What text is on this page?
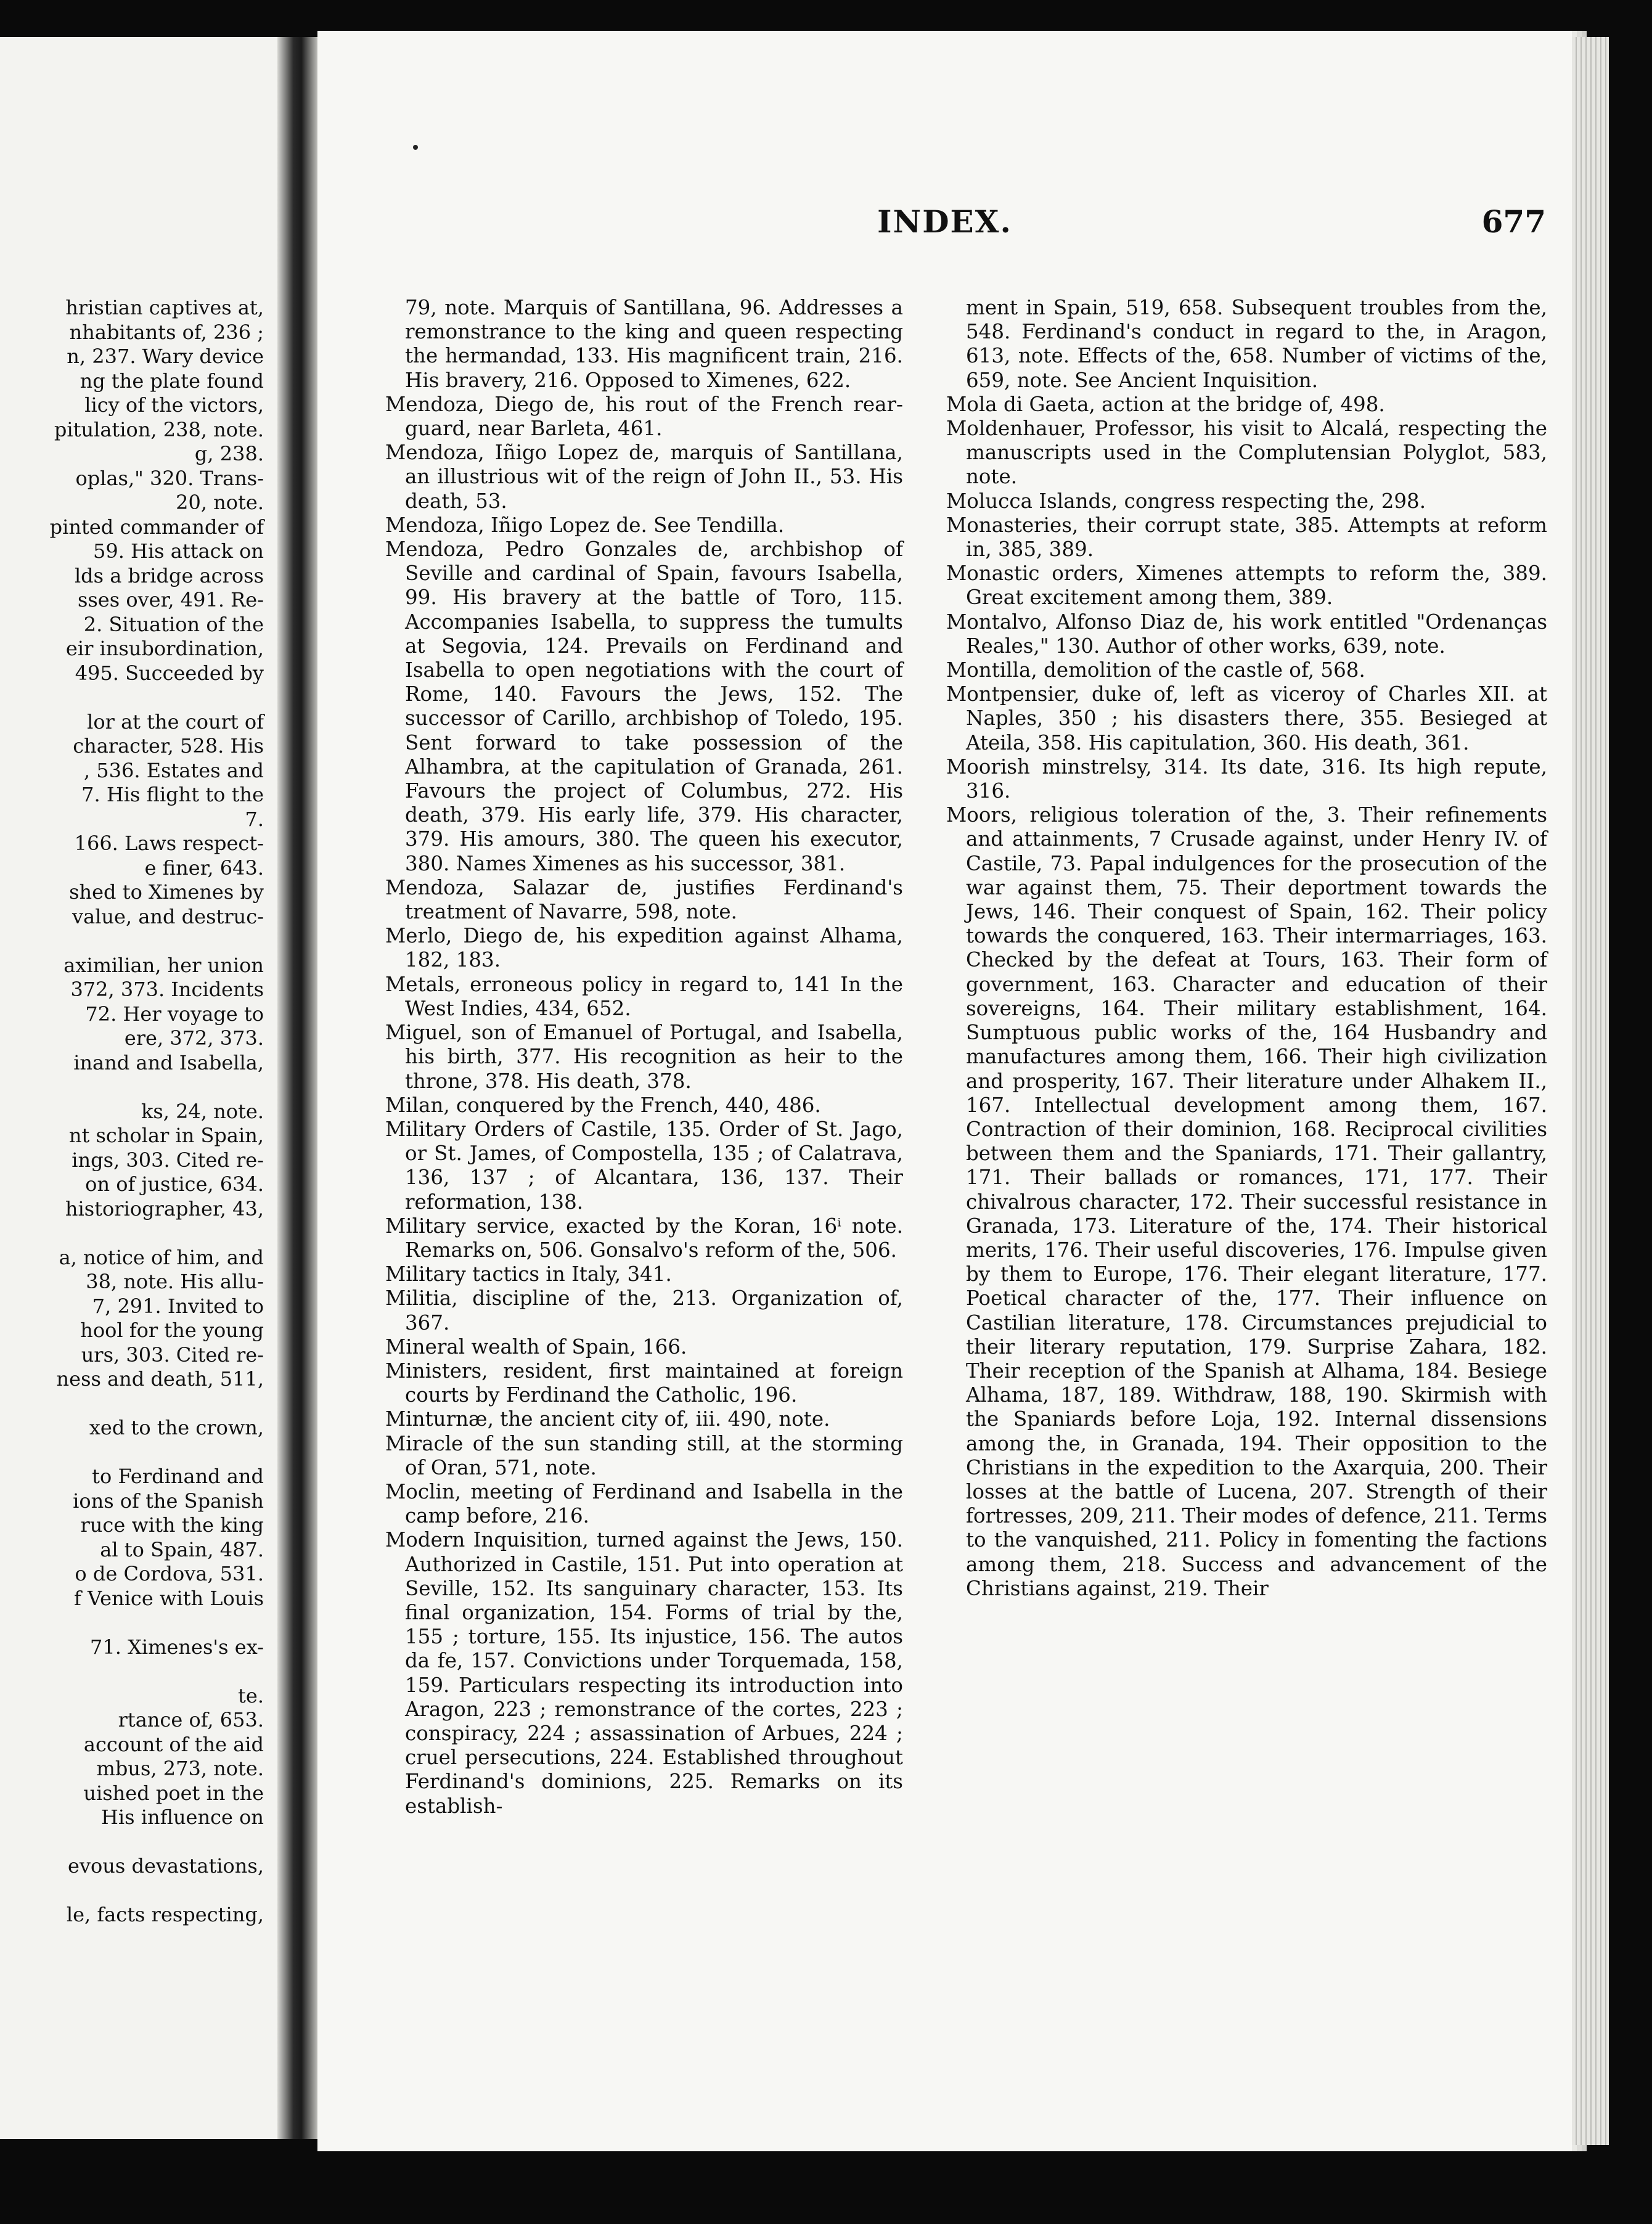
hristian captives at,
nhabitants of, 236 ;
n, 237. Wary device
ng the plate found
licy of the victors,
pitulation, 238, note.
g, 238.
oplas," 320. Trans-
20, note.
pinted commander of
59. His attack on
lds a bridge across
sses over, 491. Re-
2. Situation of the
eir insubordination,
495. Succeeded by
lor at the court of
character, 528. His
, 536. Estates and
7. His flight to the
7.
166. Laws respect-
e finer, 643.
shed to Ximenes by
value, and destruc-
aximilian, her union
372, 373. Incidents
72. Her voyage to
ere, 372, 373.
inand and Isabella,
ks, 24, note.
nt scholar in Spain,
ings, 303. Cited re-
on of justice, 634.
historiographer, 43,
a, notice of him, and
38, note. His allu-
7, 291. Invited to
hool for the young
urs, 303. Cited re-
ness and death, 511,
xed to the crown,
to Ferdinand and
ions of the Spanish
ruce with the king
al to Spain, 487.
o de Cordova, 531.
f Venice with Louis
71. Ximenes's ex-
te.
rtance of, 653.
account of the aid
mbus, 273, note.
uished poet in the
His influence on
evous devastations,
le, facts respecting,
INDEX.	677

79, note. Marquis of Santillana, 96. Addresses a remonstrance to the king and queen respecting the hermandad, 133. His magnificent train, 216. His bravery, 216. Opposed to Ximenes, 622.

Mendoza, Diego de, his rout of the French rear-guard, near Barleta, 461.

Mendoza, Iñigo Lopez de, marquis of Santillana, an illustrious wit of the reign of John II., 53. His death, 53.

Mendoza, Iñigo Lopez de. See Tendilla.

Mendoza, Pedro Gonzales de, archbishop of Seville and cardinal of Spain, favours Isabella, 99. His bravery at the battle of Toro, 115. Accompanies Isabella, to suppress the tumults at Segovia, 124. Prevails on Ferdinand and Isabella to open negotiations with the court of Rome, 140. Favours the Jews, 152. The successor of Carillo, archbishop of Toledo, 195. Sent forward to take possession of the Alhambra, at the capitulation of Granada, 261. Favours the project of Columbus, 272. His death, 379. His early life, 379. His character, 379. His amours, 380. The queen his executor, 380. Names Ximenes as his successor, 381.

Mendoza, Salazar de, justifies Ferdinand's treatment of Navarre, 598, note.

Merlo, Diego de, his expedition against Alhama, 182, 183.

Metals, erroneous policy in regard to, 141 In the West Indies, 434, 652.

Miguel, son of Emanuel of Portugal, and Isabella, his birth, 377. His recognition as heir to the throne, 378. His death, 378.

Milan, conquered by the French, 440, 486.

Military Orders of Castile, 135. Order of St. Jago, or St. James, of Compostella, 135 ; of Calatrava, 136, 137 ; of Alcantara, 136, 137. Their reformation, 138.

Military service, exacted by the Koran, 16ⁱ note. Remarks on, 506. Gonsalvo's reform of the, 506.

Military tactics in Italy, 341.

Militia, discipline of the, 213. Organization of, 367.

Mineral wealth of Spain, 166.

Ministers, resident, first maintained at foreign courts by Ferdinand the Catholic, 196.

Minturnæ, the ancient city of, iii. 490, note.

Miracle of the sun standing still, at the storming of Oran, 571, note.

Moclin, meeting of Ferdinand and Isabella in the camp before, 216.

Modern Inquisition, turned against the Jews, 150. Authorized in Castile, 151. Put into operation at Seville, 152. Its sanguinary character, 153. Its final organization, 154. Forms of trial by the, 155 ; torture, 155. Its injustice, 156. The autos da fe, 157. Convictions under Torquemada, 158, 159. Particulars respecting its introduction into Aragon, 223 ; remonstrance of the cortes, 223 ; conspiracy, 224 ; assassination of Arbues, 224 ; cruel persecutions, 224. Established throughout Ferdinand's dominions, 225. Remarks on its establish-

ment in Spain, 519, 658. Subsequent troubles from the, 548. Ferdinand's conduct in regard to the, in Aragon, 613, note. Effects of the, 658. Number of victims of the, 659, note. See Ancient Inquisition.

Mola di Gaeta, action at the bridge of, 498.

Moldenhauer, Professor, his visit to Alcalá, respecting the manuscripts used in the Complutensian Polyglot, 583, note.

Molucca Islands, congress respecting the, 298.

Monasteries, their corrupt state, 385. Attempts at reform in, 385, 389.

Monastic orders, Ximenes attempts to reform the, 389. Great excitement among them, 389.

Montalvo, Alfonso Diaz de, his work entitled "Ordenanças Reales," 130. Author of other works, 639, note.

Montilla, demolition of the castle of, 568.

Montpensier, duke of, left as viceroy of Charles XII. at Naples, 350 ; his disasters there, 355. Besieged at Ateila, 358. His capitulation, 360. His death, 361.

Moorish minstrelsy, 314. Its date, 316. Its high repute, 316.

Moors, religious toleration of the, 3. Their refinements and attainments, 7 Crusade against, under Henry IV. of Castile, 73. Papal indulgences for the prosecution of the war against them, 75. Their deportment towards the Jews, 146. Their conquest of Spain, 162. Their policy towards the conquered, 163. Their intermarriages, 163. Checked by the defeat at Tours, 163. Their form of government, 163. Character and education of their sovereigns, 164. Their military establishment, 164. Sumptuous public works of the, 164 Husbandry and manufactures among them, 166. Their high civilization and prosperity, 167. Their literature under Alhakem II., 167. Intellectual development among them, 167. Contraction of their dominion, 168. Reciprocal civilities between them and the Spaniards, 171. Their gallantry, 171. Their ballads or romances, 171, 177. Their chivalrous character, 172. Their successful resistance in Granada, 173. Literature of the, 174. Their historical merits, 176. Their useful discoveries, 176. Impulse given by them to Europe, 176. Their elegant literature, 177. Poetical character of the, 177. Their influence on Castilian literature, 178. Circumstances prejudicial to their literary reputation, 179. Surprise Zahara, 182. Their reception of the Spanish at Alhama, 184. Besiege Alhama, 187, 189. Withdraw, 188, 190. Skirmish with the Spaniards before Loja, 192. Internal dissensions among the, in Granada, 194. Their opposition to the Christians in the expedition to the Axarquia, 200. Their losses at the battle of Lucena, 207. Strength of their fortresses, 209, 211. Their modes of defence, 211. Terms to the vanquished, 211. Policy in fomenting the factions among them, 218. Success and advancement of the Christians against, 219. Their
